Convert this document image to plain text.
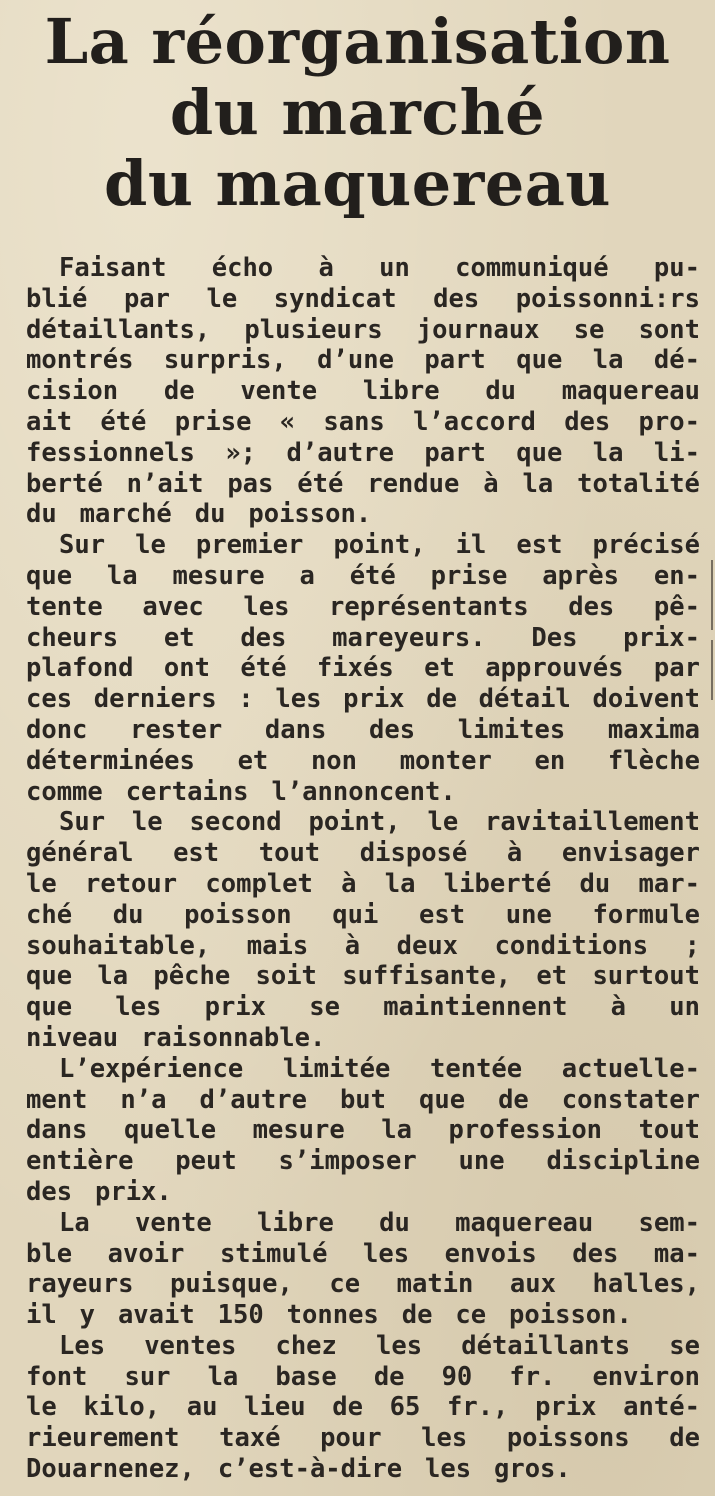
La réorganisation
du marché
du maquereau
Faisant écho à un communiqué pu-
blié par le syndicat des poissonni:rs
détaillants, plusieurs journaux se sont
montrés surpris, d’une part que la dé-
cision de vente libre du maquereau
ait été prise « sans l’accord des pro-
fessionnels »; d’autre part que la li-
berté n’ait pas été rendue à la totalité
du marché du poisson.
Sur le premier point, il est précisé
que la mesure a été prise après en-
tente avec les représentants des pê-
cheurs et des mareyeurs. Des prix-
plafond ont été fixés et approuvés par
ces derniers : les prix de détail doivent
donc rester dans des limites maxima
déterminées et non monter en flèche
comme certains l’annoncent.
Sur le second point, le ravitaillement
général est tout disposé à envisager
le retour complet à la liberté du mar-
ché du poisson qui est une formule
souhaitable, mais à deux conditions ;
que la pêche soit suffisante, et surtout
que les prix se maintiennent à un
niveau raisonnable.
L’expérience limitée tentée actuelle-
ment n’a d’autre but que de constater
dans quelle mesure la profession tout
entière peut s’imposer une discipline
des prix.
La vente libre du maquereau sem-
ble avoir stimulé les envois des ma-
rayeurs puisque, ce matin aux halles,
il y avait 150 tonnes de ce poisson.
Les ventes chez les détaillants se
font sur la base de 90 fr. environ
le kilo, au lieu de 65 fr., prix anté-
rieurement taxé pour les poissons de
Douarnenez, c’est-à-dire les gros.
